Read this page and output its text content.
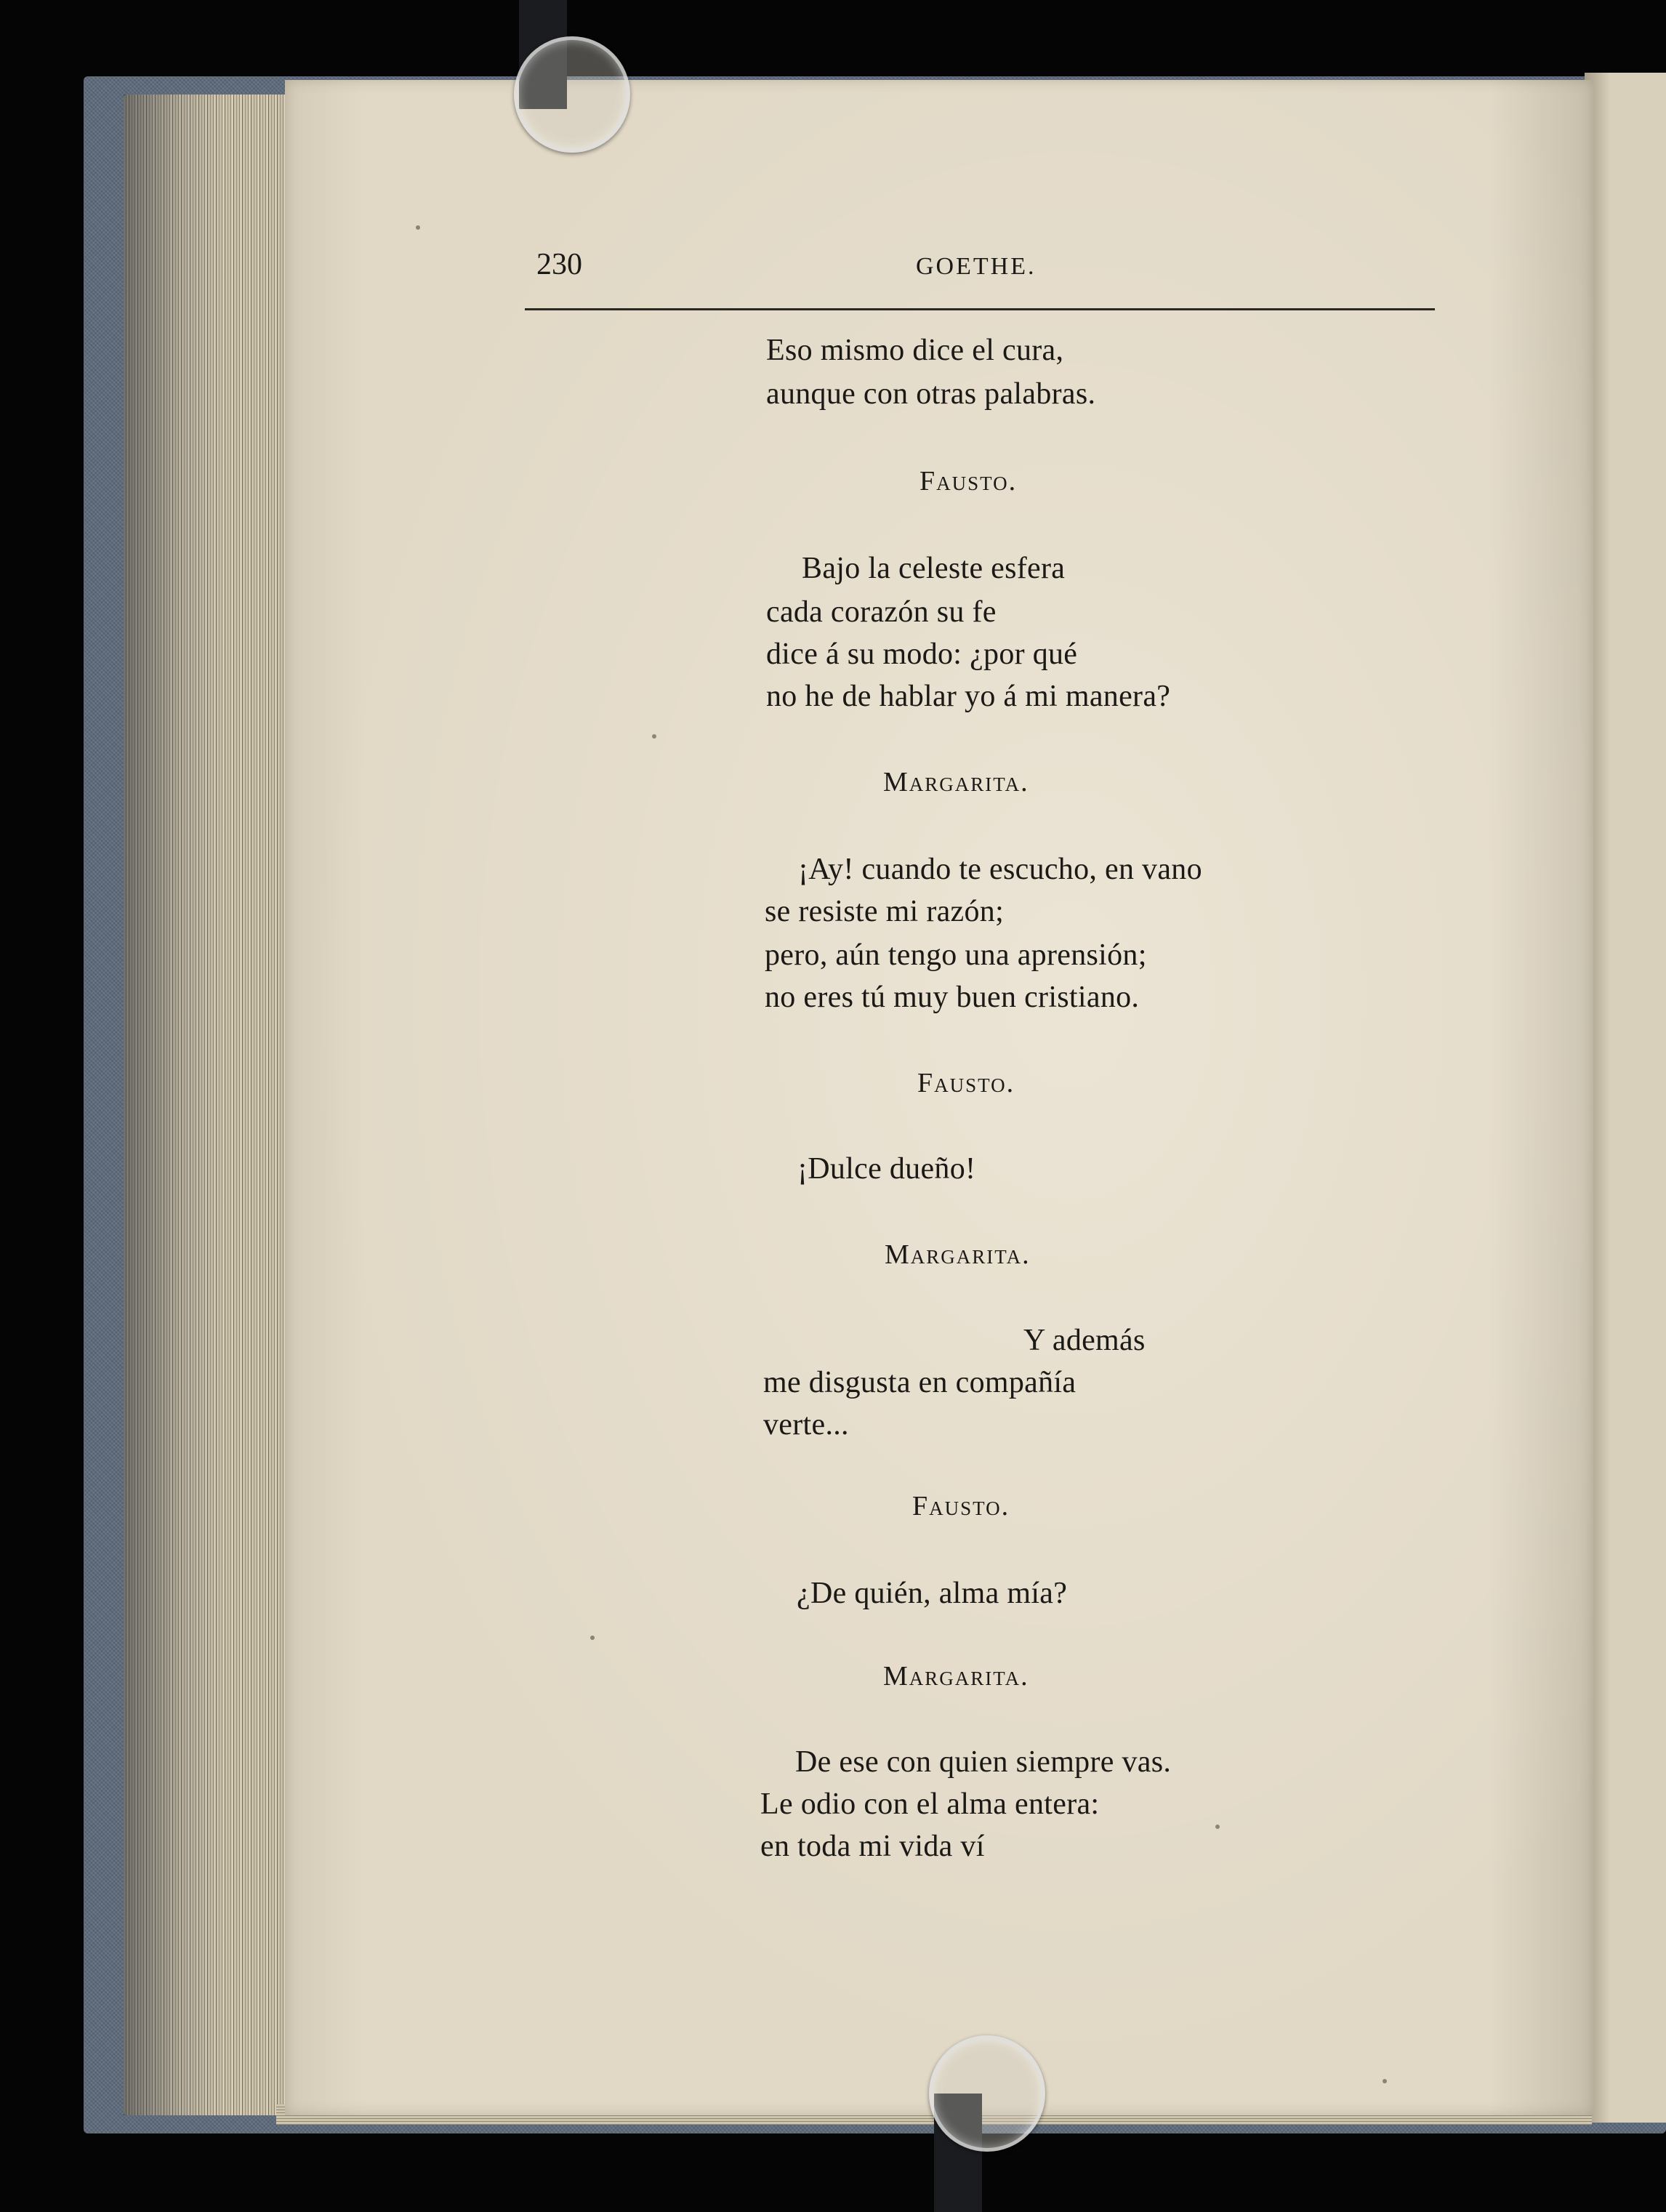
230	GOETHE.
Eso mismo dice el cura,
aunque con otras palabras.
Fausto.
Bajo la celeste esfera
cada corazón su fe
dice á su modo: ¿por qué
no he de hablar yo á mi manera?
Margarita.
¡Ay! cuando te escucho, en vano
se resiste mi razón;
pero, aún tengo una aprensión;
no eres tú muy buen cristiano.
Fausto.
¡Dulce dueño!
Margarita.
Y además
me disgusta en compañía
verte...
Fausto.
¿De quién, alma mía?
Margarita.
De ese con quien siempre vas.
Le odio con el alma entera:
en toda mi vida ví
